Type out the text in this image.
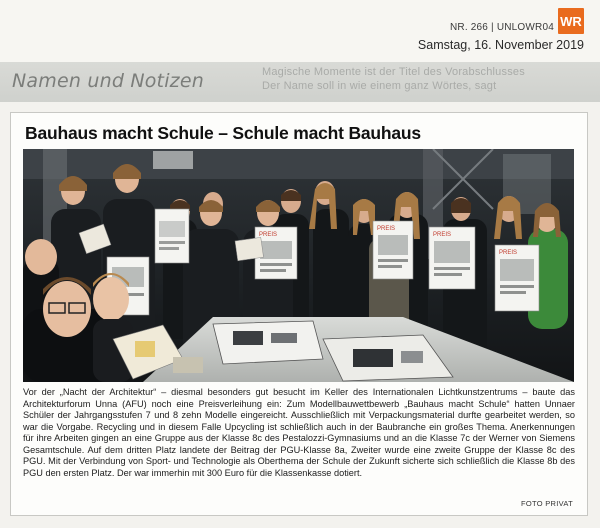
NR. 266 | UNLOWR04 WR
Samstag, 16. November 2019
Magische Momente ist der Titel des Vorabschlusses
Der Name soll in wie einem ganz Wörtes, sagt
Namen und Notizen
Bauhaus macht Schule – Schule macht Bauhaus
PREIS
PREIS
PREIS
PREIS

Vor der „Nacht der Architektur“ – diesmal besonders gut besucht im Keller des Internationalen Lichtkunstzentrums – baute das Architekturforum Unna (AFU) noch eine Preisverleihung ein: Zum Modellbauwettbewerb „Bauhaus macht Schule“ hatten Unnaer Schüler der Jahrgangsstufen 7 und 8 zehn Modelle eingereicht. Ausschließlich mit Verpackungsmaterial durfte gearbeitet werden, so war die Vorgabe. Recycling und in diesem Falle Upcycling ist schließlich auch in der Baubranche ein großes Thema. Anerkennungen für ihre Arbeiten gingen an eine Gruppe aus der Klasse 8c des Pestalozzi-Gymnasiums und an die Klasse 7c der Werner von Siemens Gesamtschule. Auf dem dritten Platz landete der Beitrag der PGU-Klasse 8a, Zweiter wurde eine zweite Gruppe der Klasse 8c des PGU. Mit der Verbindung von Sport- und Technologie als Oberthema der Schule der Zukunft sicherte sich schließlich die Klasse 8b des PGU den ersten Platz. Der war immerhin mit 300 Euro für die Klassenkasse dotiert.

FOTO PRIVAT
